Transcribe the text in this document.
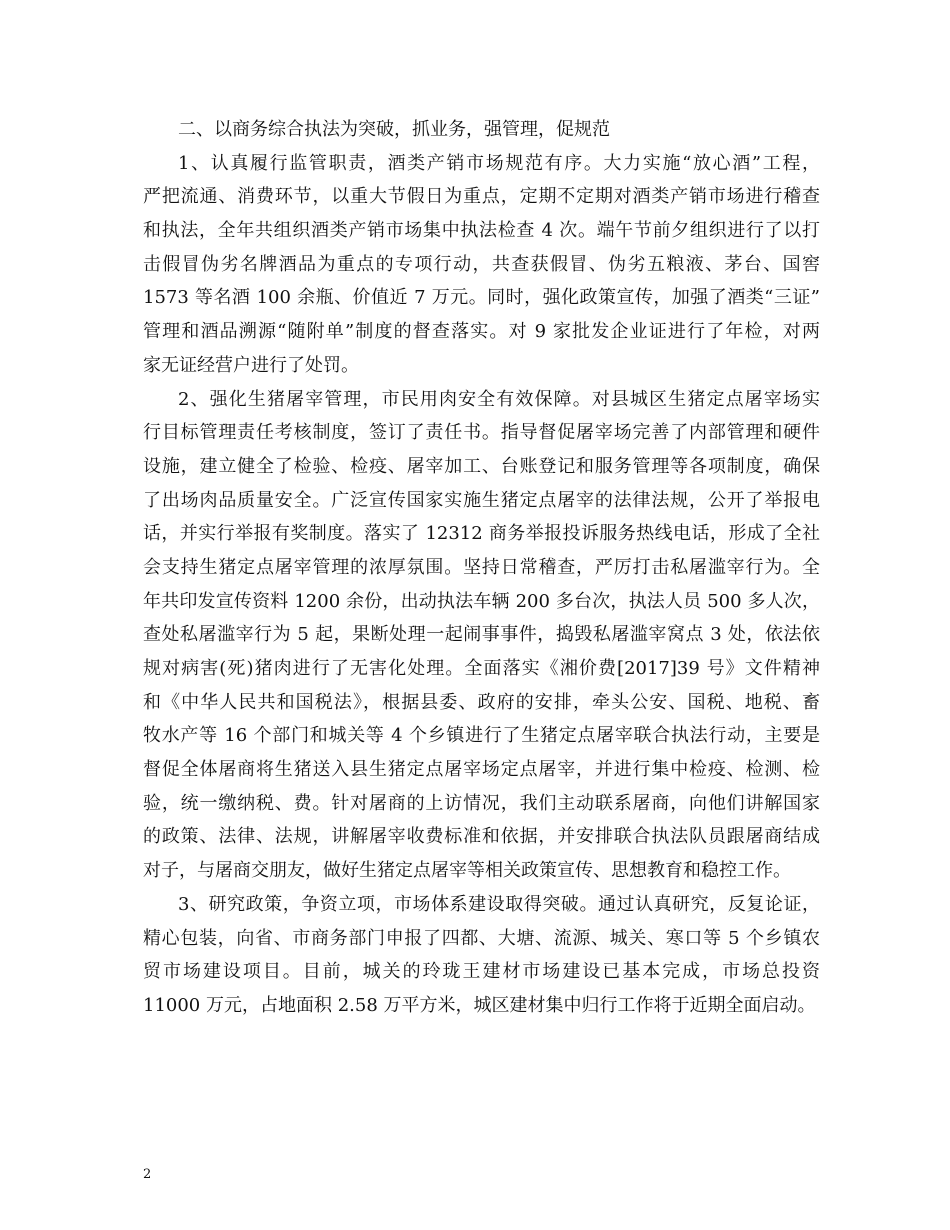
二、以商务综合执法为突破，抓业务，强管理，促规范
1、认真履行监管职责，酒类产销市场规范有序。大力实施“放心酒”工程，
严把流通、消费环节，以重大节假日为重点，定期不定期对酒类产销市场进行稽查
和执法，全年共组织酒类产销市场集中执法检查 4 次。端午节前夕组织进行了以打
击假冒伪劣名牌酒品为重点的专项行动，共查获假冒、伪劣五粮液、茅台、国窖
1573 等名酒 100 余瓶、价值近 7 万元。同时，强化政策宣传，加强了酒类“三证”
管理和酒品溯源“随附单”制度的督查落实。对 9 家批发企业证进行了年检，对两
家无证经营户进行了处罚。
2、强化生猪屠宰管理，市民用肉安全有效保障。对县城区生猪定点屠宰场实
行目标管理责任考核制度，签订了责任书。指导督促屠宰场完善了内部管理和硬件
设施，建立健全了检验、检疫、屠宰加工、台账登记和服务管理等各项制度，确保
了出场肉品质量安全。广泛宣传国家实施生猪定点屠宰的法律法规，公开了举报电
话，并实行举报有奖制度。落实了 12312 商务举报投诉服务热线电话，形成了全社
会支持生猪定点屠宰管理的浓厚氛围。坚持日常稽查，严厉打击私屠滥宰行为。全
年共印发宣传资料 1200 余份，出动执法车辆 200 多台次，执法人员 500 多人次，
查处私屠滥宰行为 5 起，果断处理一起闹事事件，捣毁私屠滥宰窝点 3 处，依法依
规对病害(死)猪肉进行了无害化处理。全面落实《湘价费[2017]39 号》文件精神
和《中华人民共和国税法》，根据县委、政府的安排，牵头公安、国税、地税、畜
牧水产等 16 个部门和城关等 4 个乡镇进行了生猪定点屠宰联合执法行动，主要是
督促全体屠商将生猪送入县生猪定点屠宰场定点屠宰，并进行集中检疫、检测、检
验，统一缴纳税、费。针对屠商的上访情况，我们主动联系屠商，向他们讲解国家
的政策、法律、法规，讲解屠宰收费标准和依据，并安排联合执法队员跟屠商结成
对子，与屠商交朋友，做好生猪定点屠宰等相关政策宣传、思想教育和稳控工作。
3、研究政策，争资立项，市场体系建设取得突破。通过认真研究，反复论证，
精心包装，向省、市商务部门申报了四都、大塘、流源、城关、寒口等 5 个乡镇农
贸市场建设项目。目前，城关的玲珑王建材市场建设已基本完成，市场总投资
11000 万元，占地面积 2.58 万平方米，城区建材集中归行工作将于近期全面启动。
2
